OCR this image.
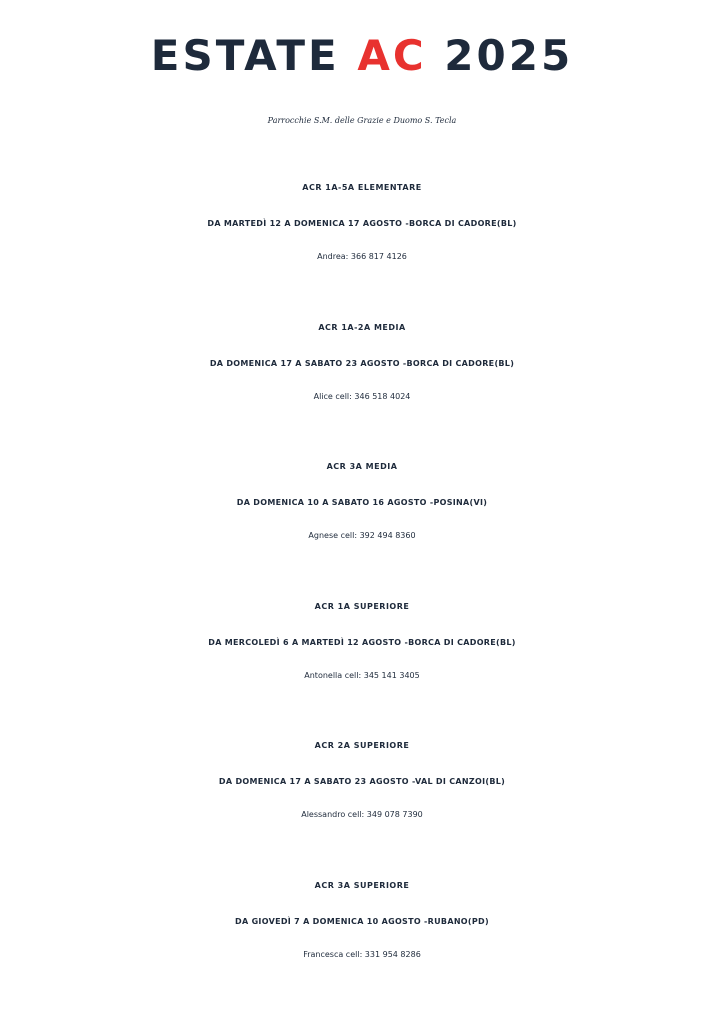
ESTATE AC 2025
Parrocchie S.M. delle Grazie e Duomo S. Tecla
ACR 1A-5A ELEMENTARE
DA MARTEDÌ 12 A DOMENICA 17 AGOSTO -BORCA DI CADORE(BL)
Andrea: 366 817 4126
ACR 1A-2A MEDIA
DA DOMENICA 17 A SABATO 23 AGOSTO -BORCA DI CADORE(BL)
Alice cell: 346 518 4024
ACR 3A MEDIA
DA DOMENICA 10 A SABATO 16 AGOSTO -POSINA(VI)
Agnese cell: 392 494 8360
ACR 1A SUPERIORE
DA MERCOLEDÌ 6 A MARTEDÌ 12 AGOSTO -BORCA DI CADORE(BL)
Antonella cell: 345 141 3405
ACR 2A SUPERIORE
DA DOMENICA 17 A SABATO 23 AGOSTO -VAL DI CANZOI(BL)
Alessandro cell: 349 078 7390
ACR 3A SUPERIORE
DA GIOVEDÌ 7 A DOMENICA 10 AGOSTO -RUBANO(PD)
Francesca cell: 331 954 8286
